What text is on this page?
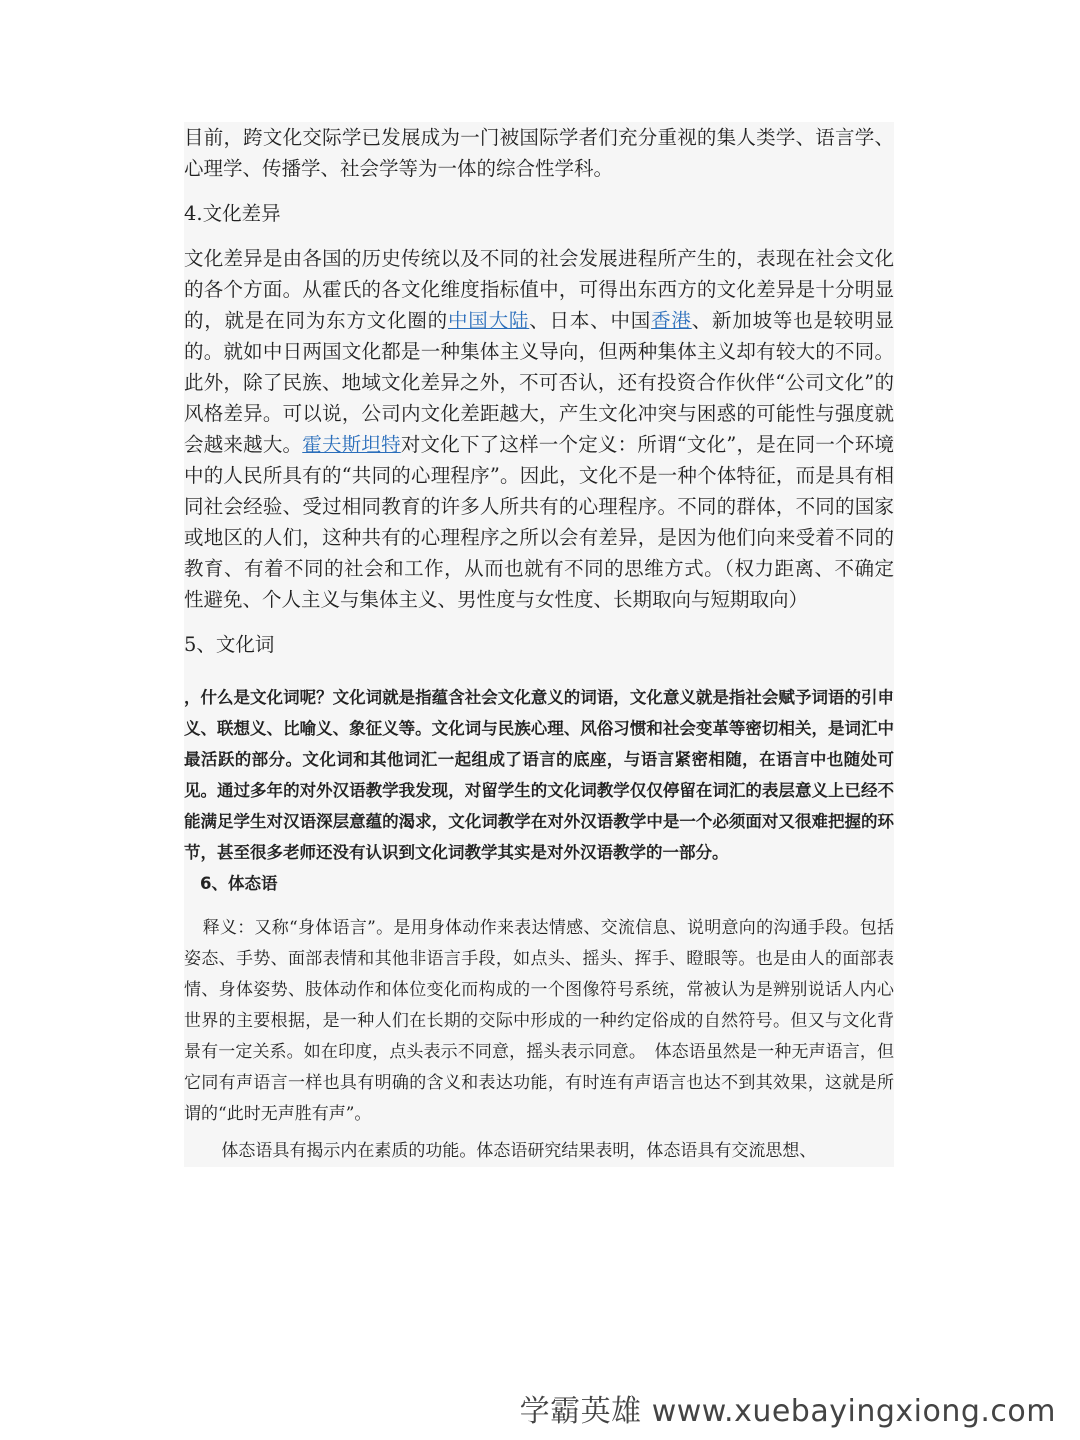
目前，跨文化交际学已发展成为一门被国际学者们充分重视的集人类学、语言学、心理学、传播学、社会学等为一体的综合性学科。

4.文化差异

文化差异是由各国的历史传统以及不同的社会发展进程所产生的，表现在社会文化的各个方面。从霍氏的各文化维度指标值中，可得出东西方的文化差异是十分明显的，就是在同为东方文化圈的中国大陆、日本、中国香港、新加坡等也是较明显的。就如中日两国文化都是一种集体主义导向，但两种集体主义却有较大的不同。此外，除了民族、地域文化差异之外，不可否认，还有投资合作伙伴“公司文化”的风格差异。可以说，公司内文化差距越大，产生文化冲突与困惑的可能性与强度就会越来越大。霍夫斯坦特对文化下了这样一个定义：所谓“文化”，是在同一个环境中的人民所具有的“共同的心理程序”。因此，文化不是一种个体特征，而是具有相同社会经验、受过相同教育的许多人所共有的心理程序。不同的群体，不同的国家或地区的人们，这种共有的心理程序之所以会有差异，是因为他们向来受着不同的教育、有着不同的社会和工作，从而也就有不同的思维方式。（权力距离、不确定性避免、个人主义与集体主义、男性度与女性度、长期取向与短期取向）

5、文化词

，什么是文化词呢？文化词就是指蕴含社会文化意义的词语，文化意义就是指社会赋予词语的引申义、联想义、比喻义、象征义等。文化词与民族心理、风俗习惯和社会变革等密切相关，是词汇中最活跃的部分。文化词和其他词汇一起组成了语言的底座，与语言紧密相随，在语言中也随处可见。通过多年的对外汉语教学我发现，对留学生的文化词教学仅仅停留在词汇的表层意义上已经不能满足学生对汉语深层意蕴的渴求，文化词教学在对外汉语教学中是一个必须面对又很难把握的环节，甚至很多老师还没有认识到文化词教学其实是对外汉语教学的一部分。

6、体态语

释义：又称“身体语言”。是用身体动作来表达情感、交流信息、说明意向的沟通手段。包括姿态、手势、面部表情和其他非语言手段，如点头、摇头、挥手、瞪眼等。也是由人的面部表情、身体姿势、肢体动作和体位变化而构成的一个图像符号系统，常被认为是辨别说话人内心世界的主要根据，是一种人们在长期的交际中形成的一种约定俗成的自然符号。但又与文化背景有一定关系。如在印度，点头表示不同意，摇头表示同意。　体态语虽然是一种无声语言，但它同有声语言一样也具有明确的含义和表达功能，有时连有声语言也达不到其效果，这就是所谓的“此时无声胜有声”。

体态语具有揭示内在素质的功能。体态语研究结果表明，体态语具有交流思想、

学霸英雄 www.xuebayingxiong.com
